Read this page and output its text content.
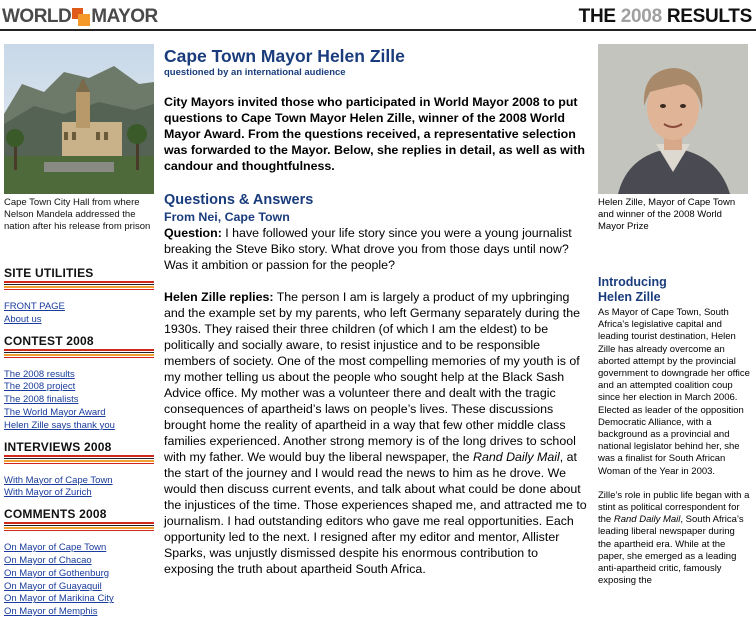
WORLD MAYOR	THE 2008 RESULTS
Cape Town City Hall from where Nelson Mandela addressed the nation after his release from prison
SITE UTILITIES
FRONT PAGE
About us
CONTEST 2008
The 2008 results
The 2008 project
The 2008 finalists
The World Mayor Award
Helen Zille says thank you
INTERVIEWS 2008
With Mayor of Cape Town
With Mayor of Zurich
COMMENTS 2008
On Mayor of Cape Town
On Mayor of Chacao
On Mayor of Gothenburg
On Mayor of Guayaquil
On Mayor of Marikina City
On Mayor of Memphis
Cape Town Mayor Helen Zille
questioned by an international audience
City Mayors invited those who participated in World Mayor 2008 to put questions to Cape Town Mayor Helen Zille, winner of the 2008 World Mayor Award. From the questions received, a representative selection was forwarded to the Mayor. Below, she replies in detail, as well as with candour and thoughtfulness.
Questions & Answers
From Nei, Cape Town
Question: I have followed your life story since you were a young journalist breaking the Steve Biko story. What drove you from those days until now? Was it ambition or passion for the people?
Helen Zille replies: The person I am is largely a product of my upbringing and the example set by my parents, who left Germany separately during the 1930s. They raised their three children (of which I am the eldest) to be politically and socially aware, to resist injustice and to be responsible members of society. One of the most compelling memories of my youth is of my mother telling us about the people who sought help at the Black Sash Advice office. My mother was a volunteer there and dealt with the tragic consequences of apartheid’s laws on people’s lives. These discussions brought home the reality of apartheid in a way that few other middle class families experienced. Another strong memory is of the long drives to school with my father. We would buy the liberal newspaper, the Rand Daily Mail, at the start of the journey and I would read the news to him as he drove. We would then discuss current events, and talk about what could be done about the injustices of the time. Those experiences shaped me, and attracted me to journalism. I had outstanding editors who gave me real opportunities. Each opportunity led to the next. I resigned after my editor and mentor, Allister Sparks, was unjustly dismissed despite his enormous contribution to exposing the truth about apartheid South Africa.
Helen Zille, Mayor of Cape Town and winner of the 2008 World Mayor Prize
Introducing
Helen Zille
As Mayor of Cape Town, South Africa’s legislative capital and leading tourist destination, Helen Zille has already overcome an aborted attempt by the provincial government to downgrade her office and an attempted coalition coup since her election in March 2006. Elected as leader of the opposition Democratic Alliance, with a background as a provincial and national legislator behind her, she was a finalist for South African Woman of the Year in 2003.
Zille’s role in public life began with a stint as political correspondent for the Rand Daily Mail, South Africa’s leading liberal newspaper during the apartheid era. While at the paper, she emerged as a leading anti-apartheid critic, famously exposing the
